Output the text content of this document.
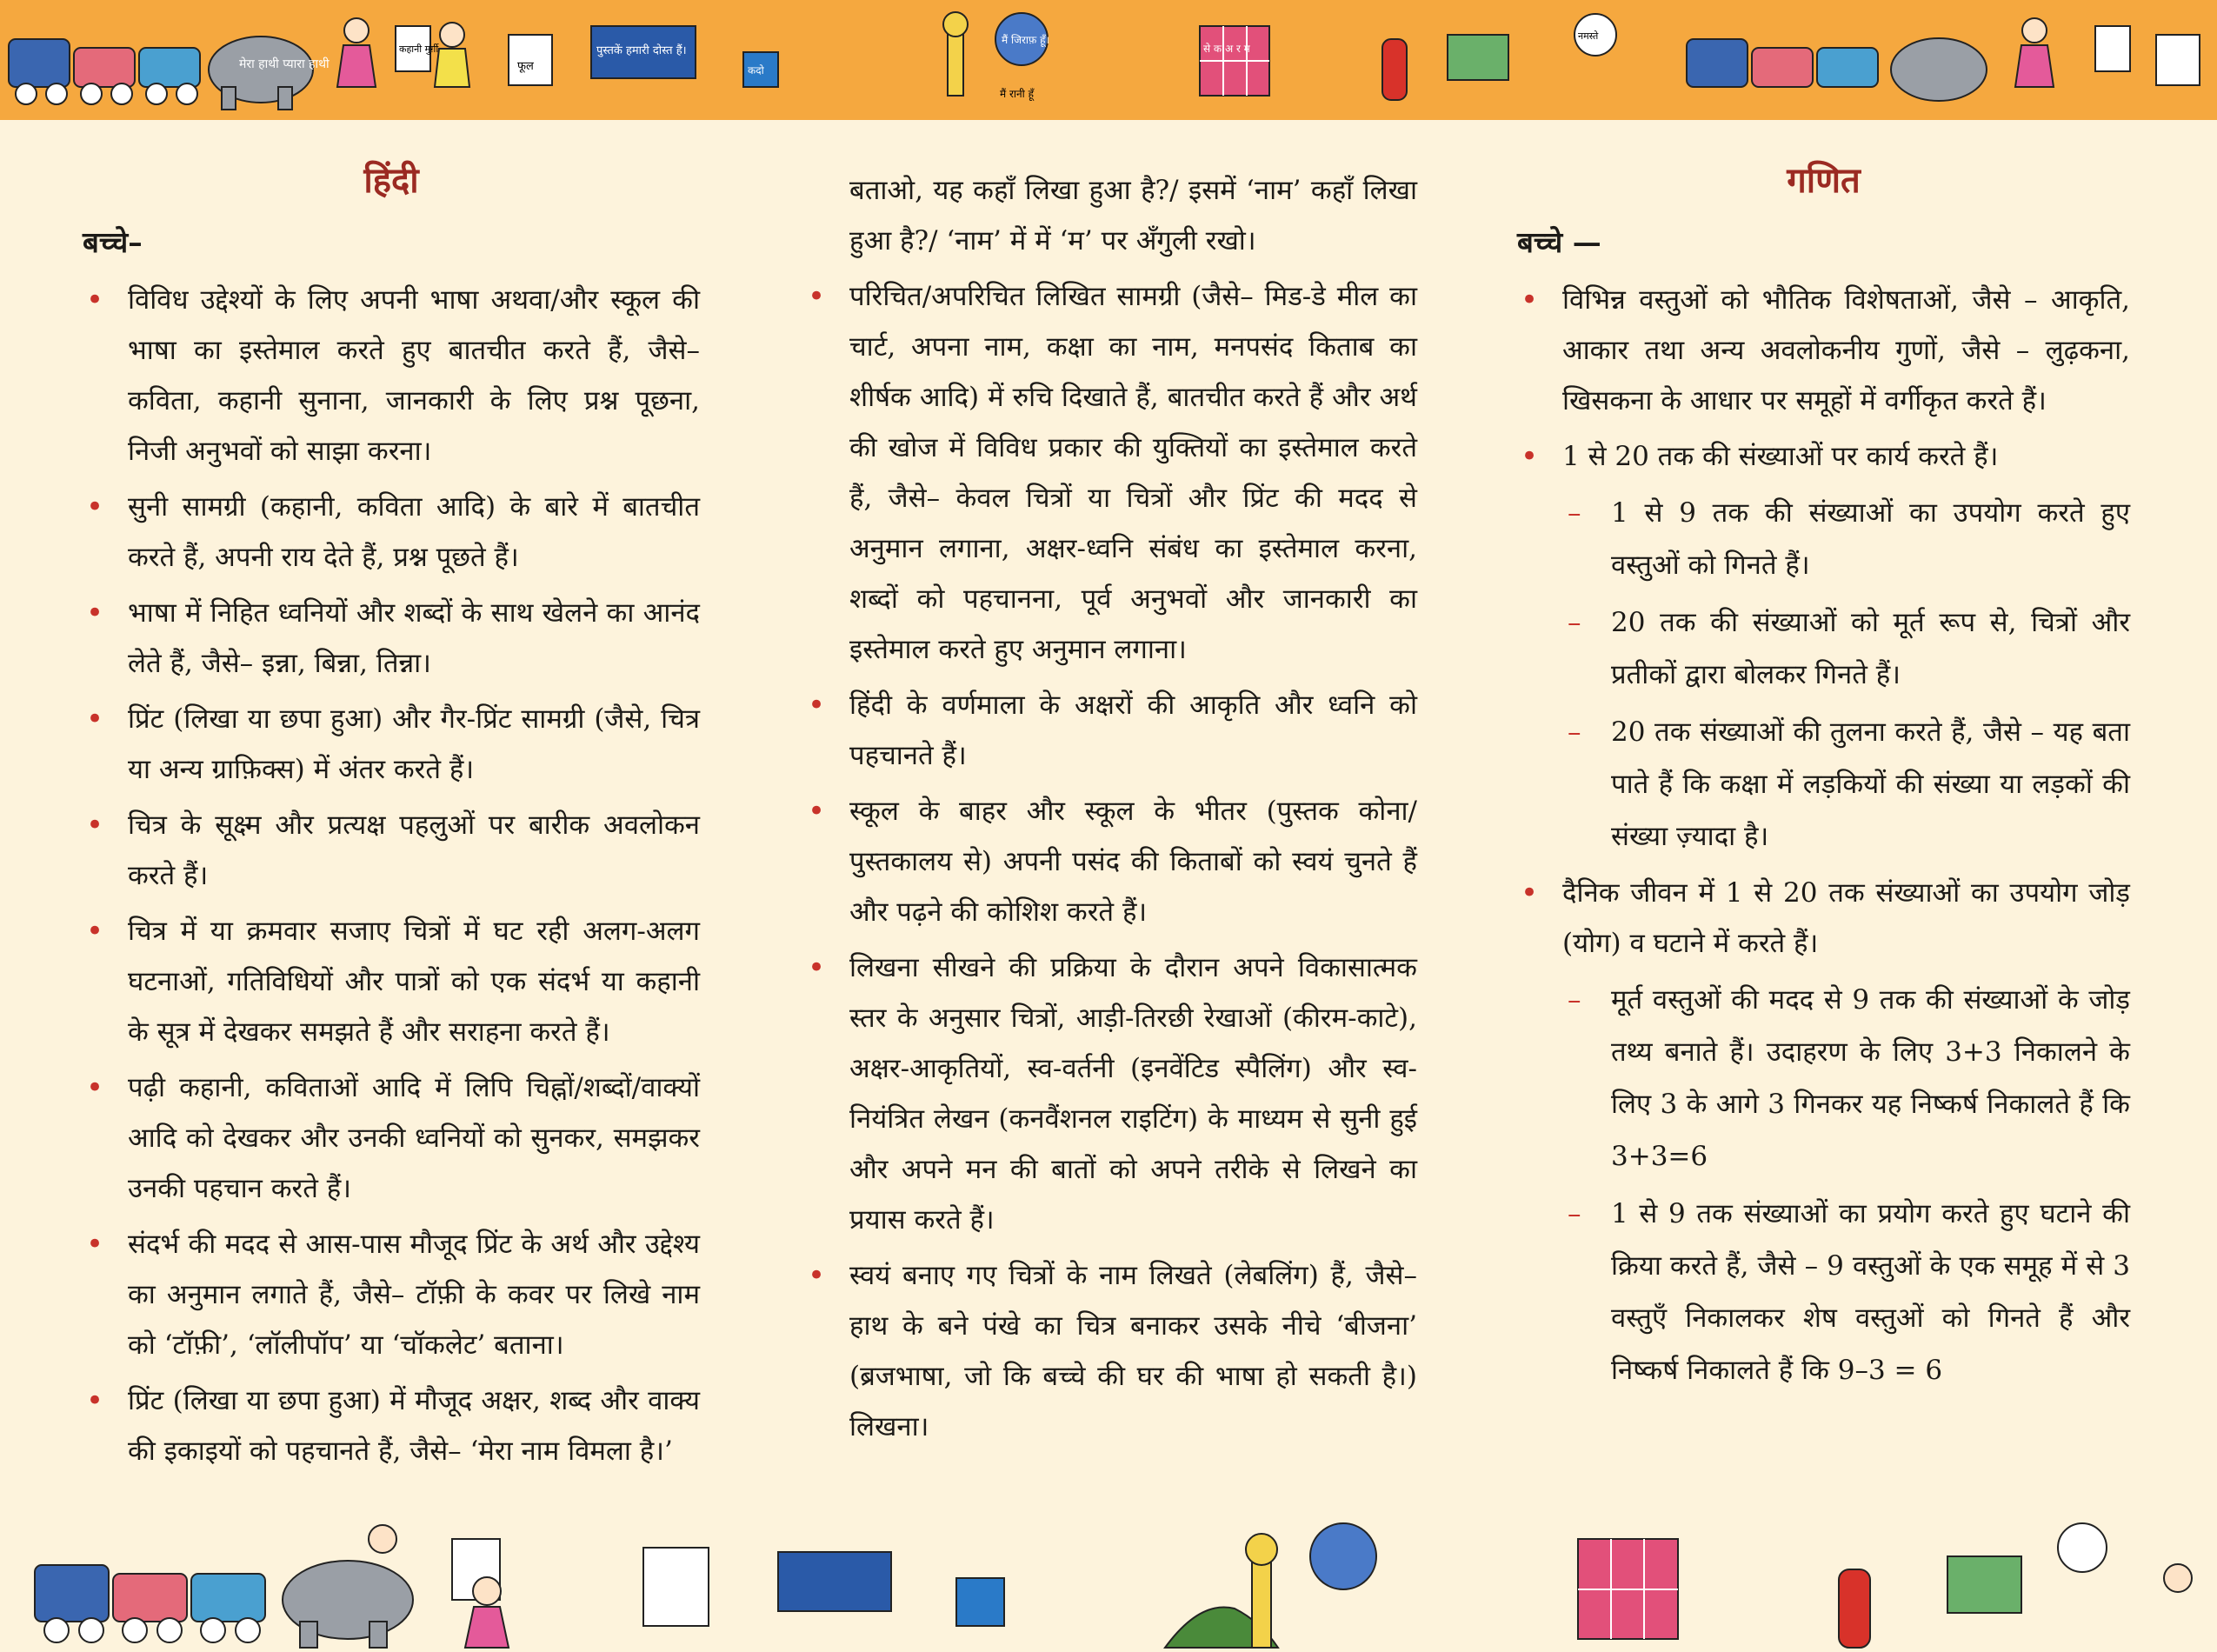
मेरा हाथी प्यारा हाथी
कहानी मुर्ग़ी
फूल
पुस्तकें हमारी दोस्त हैं।
कदो
मैं जिराफ़ हूँ।
मैं रानी हूँ
से क अ र म
नमस्ते
हिंदी
बच्चे–
• विविध उद्देश्यों के लिए अपनी भाषा अथवा/और स्कूल की भाषा का इस्तेमाल करते हुए बातचीत करते हैं, जैसे– कविता, कहानी सुनाना, जानकारी के लिए प्रश्न पूछना, निजी अनुभवों को साझा करना।
• सुनी सामग्री (कहानी, कविता आदि) के बारे में बातचीत करते हैं, अपनी राय देते हैं, प्रश्न पूछते हैं।
• भाषा में निहित ध्वनियों और शब्दों के साथ खेलने का आनंद लेते हैं, जैसे– इन्ना, बिन्ना, तिन्ना।
• प्रिंट (लिखा या छपा हुआ) और गैर-प्रिंट सामग्री (जैसे, चित्र या अन्य ग्राफ़िक्स) में अंतर करते हैं।
• चित्र के सूक्ष्म और प्रत्यक्ष पहलुओं पर बारीक अवलोकन करते हैं।
• चित्र में या क्रमवार सजाए चित्रों में घट रही अलग-अलग घटनाओं, गतिविधियों और पात्रों को एक संदर्भ या कहानी के सूत्र में देखकर समझते हैं और सराहना करते हैं।
• पढ़ी कहानी, कविताओं आदि में लिपि चिह्नों/शब्दों/वाक्यों आदि को देखकर और उनकी ध्वनियों को सुनकर, समझकर उनकी पहचान करते हैं।
• संदर्भ की मदद से आस-पास मौजूद प्रिंट के अर्थ और उद्देश्य का अनुमान लगाते हैं, जैसे– टॉफ़ी के कवर पर लिखे नाम को ‘टॉफ़ी’, ‘लॉलीपॉप’ या ‘चॉकलेट’ बताना।
• प्रिंट (लिखा या छपा हुआ) में मौजूद अक्षर, शब्द और वाक्य की इकाइयों को पहचानते हैं, जैसे– ‘मेरा नाम विमला है।’

बताओ, यह कहाँ लिखा हुआ है?/ इसमें ‘नाम’ कहाँ लिखा हुआ है?/ ‘नाम’ में में ‘म’ पर अँगुली रखो।

• परिचित/अपरिचित लिखित सामग्री (जैसे– मिड-डे मील का चार्ट, अपना नाम, कक्षा का नाम, मनपसंद किताब का शीर्षक आदि) में रुचि दिखाते हैं, बातचीत करते हैं और अर्थ की खोज में विविध प्रकार की युक्तियों का इस्तेमाल करते हैं, जैसे– केवल चित्रों या चित्रों और प्रिंट की मदद से अनुमान लगाना, अक्षर-ध्वनि संबंध का इस्तेमाल करना, शब्दों को पहचानना, पूर्व अनुभवों और जानकारी का इस्तेमाल करते हुए अनुमान लगाना।
• हिंदी के वर्णमाला के अक्षरों की आकृति और ध्वनि को पहचानते हैं।
• स्कूल के बाहर और स्कूल के भीतर (पुस्तक कोना/ पुस्तकालय से) अपनी पसंद की किताबों को स्वयं चुनते हैं और पढ़ने की कोशिश करते हैं।
• लिखना सीखने की प्रक्रिया के दौरान अपने विकासात्मक स्तर के अनुसार चित्रों, आड़ी-तिरछी रेखाओं (कीरम-काटे), अक्षर-आकृतियों, स्व-वर्तनी (इनवेंटिड स्पैलिंग) और स्व-नियंत्रित लेखन (कनवैंशनल राइटिंग) के माध्यम से सुनी हुई और अपने मन की बातों को अपने तरीके से लिखने का प्रयास करते हैं।
• स्वयं बनाए गए चित्रों के नाम लिखते (लेबलिंग) हैं, जैसे– हाथ के बने पंखे का चित्र बनाकर उसके नीचे ‘बीजना’ (ब्रजभाषा, जो कि बच्चे की घर की भाषा हो सकती है।) लिखना।
गणित
बच्चे —
• विभिन्न वस्तुओं को भौतिक विशेषताओं, जैसे – आकृति, आकार तथा अन्य अवलोकनीय गुणों, जैसे – लुढ़कना, खिसकना के आधार पर समूहों में वर्गीकृत करते हैं।
• 1 से 20 तक की संख्याओं पर कार्य करते हैं।
– 1 से 9 तक की संख्याओं का उपयोग करते हुए वस्तुओं को गिनते हैं।
– 20 तक की संख्याओं को मूर्त रूप से, चित्रों और प्रतीकों द्वारा बोलकर गिनते हैं।
– 20 तक संख्याओं की तुलना करते हैं, जैसे – यह बता पाते हैं कि कक्षा में लड़कियों की संख्या या लड़कों की संख्या ज़्यादा है।
• दैनिक जीवन में 1 से 20 तक संख्याओं का उपयोग जोड़ (योग) व घटाने में करते हैं।
– मूर्त वस्तुओं की मदद से 9 तक की संख्याओं के जोड़ तथ्य बनाते हैं। उदाहरण के लिए 3+3 निकालने के लिए 3 के आगे 3 गिनकर यह निष्कर्ष निकालते हैं कि 3+3=6
– 1 से 9 तक संख्याओं का प्रयोग करते हुए घटाने की क्रिया करते हैं, जैसे – 9 वस्तुओं के एक समूह में से 3 वस्तुएँ निकालकर शेष वस्तुओं को गिनते हैं और निष्कर्ष निकालते हैं कि 9–3 = 6
